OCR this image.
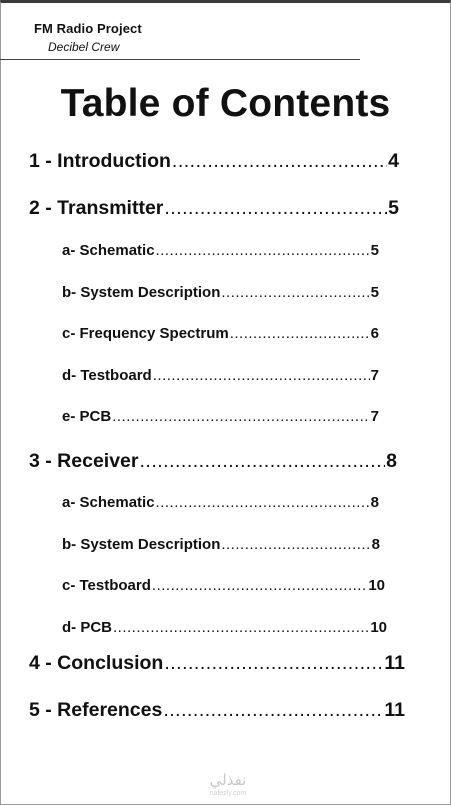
FM Radio Project
Decibel Crew
Table of Contents
1 - Introduction .....	4
2 - Transmitter .....	5
a- Schematic .....	5
b- System Description .....	5
c- Frequency Spectrum .....	6
d- Testboard .....	7
e- PCB .....	7
3 - Receiver .....	8
a- Schematic .....	8
b- System Description .....	8
c- Testboard .....	10
d- PCB .....	10
4 - Conclusion .....	11
5 - References .....	11
نفذلي
nafezly.com
